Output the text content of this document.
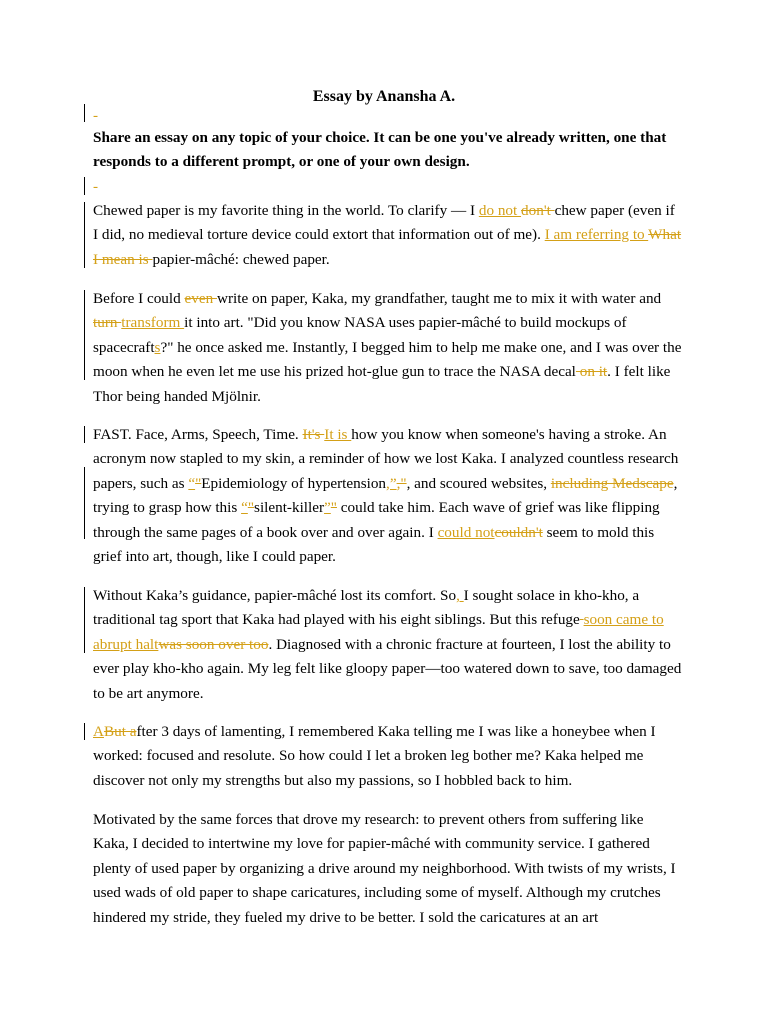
Essay by Anansha A.
-
Share an essay on any topic of your choice. It can be one you've already written, one that responds to a different prompt, or one of your own design.
-
Chewed paper is my favorite thing in the world. To clarify — I do not don't chew paper (even if I did, no medieval torture device could extort that information out of me). I am referring to What I mean is papier-mâché: chewed paper.
Before I could even write on paper, Kaka, my grandfather, taught me to mix it with water and turn transform it into art. "Did you know NASA uses papier-mâché to build mockups of spacecrafts?" he once asked me. Instantly, I begged him to help me make one, and I was over the moon when he even let me use his prized hot-glue gun to trace the NASA decal on it. I felt like Thor being handed Mjölnir.
FAST. Face, Arms, Speech, Time. It's It is how you know when someone's having a stroke. An acronym now stapled to my skin, a reminder of how we lost Kaka. I analyzed countless research papers, such as “"Epidemiology of hypertension,”,", and scoured websites, including Medscape, trying to grasp how this “"silent-killer”" could take him. Each wave of grief was like flipping through the same pages of a book over and over again. I could notcouldn't seem to mold this grief into art, though, like I could paper.
Without Kaka’s guidance, papier-mâché lost its comfort. So, I sought solace in kho-kho, a traditional tag sport that Kaka had played with his eight siblings. But this refuge soon came to abrupt haltwas soon over too. Diagnosed with a chronic fracture at fourteen, I lost the ability to ever play kho-kho again. My leg felt like gloopy paper—too watered down to save, too damaged to be art anymore.
ABut after 3 days of lamenting, I remembered Kaka telling me I was like a honeybee when I worked: focused and resolute. So how could I let a broken leg bother me? Kaka helped me discover not only my strengths but also my passions, so I hobbled back to him.
Motivated by the same forces that drove my research: to prevent others from suffering like Kaka, I decided to intertwine my love for papier-mâché with community service. I gathered plenty of used paper by organizing a drive around my neighborhood. With twists of my wrists, I used wads of old paper to shape caricatures, including some of myself. Although my crutches hindered my stride, they fueled my drive to be better. I sold the caricatures at an art
